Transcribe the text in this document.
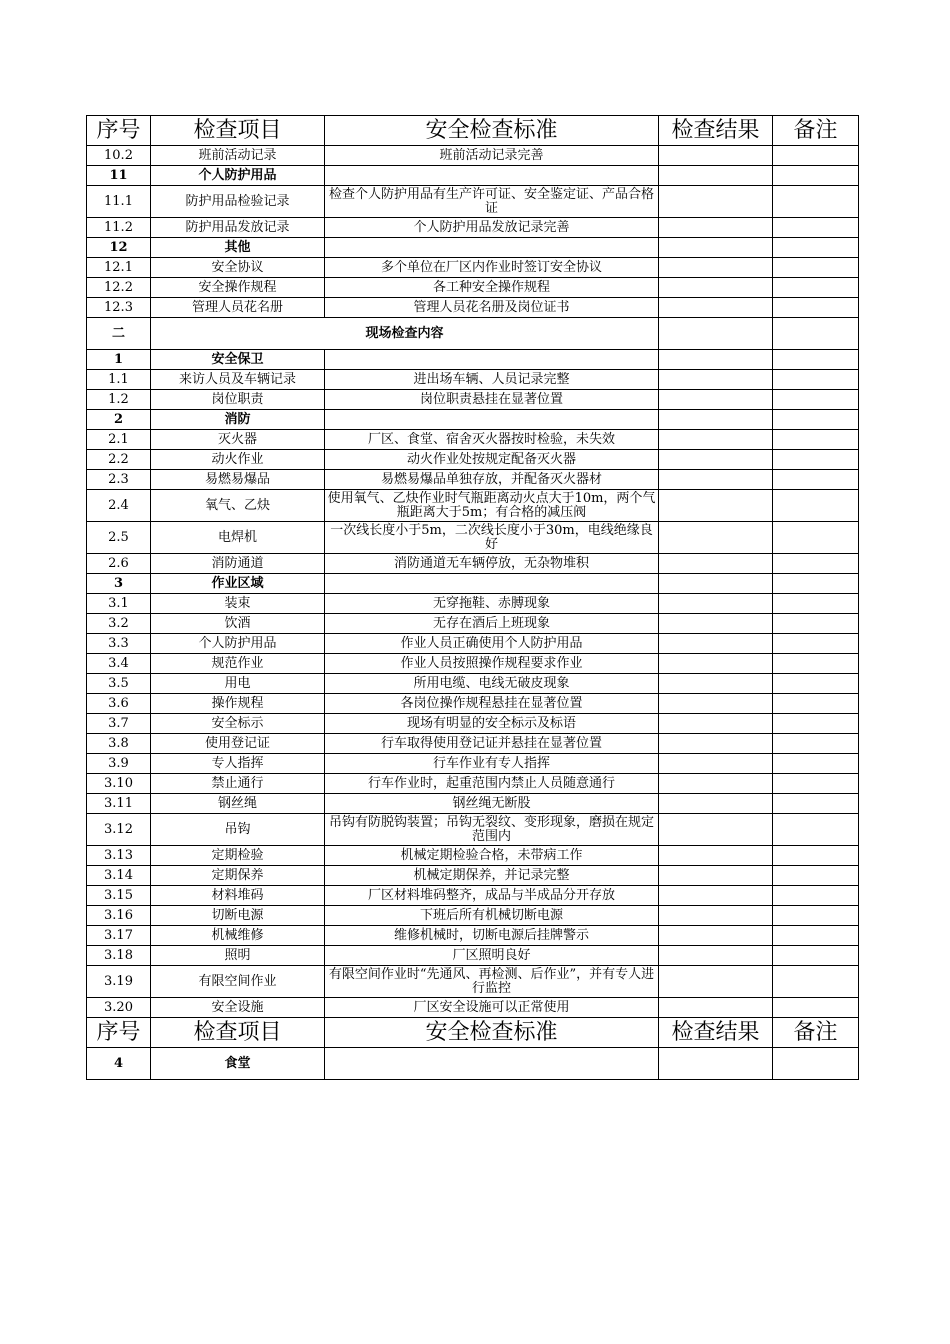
序号	检查项目	安全检查标准	检查结果	备注
10.2	班前活动记录	班前活动记录完善		
11	个人防护用品			
11.1	防护用品检验记录	检查个人防护用品有生产许可证、安全鉴定证、产品合格证		
11.2	防护用品发放记录	个人防护用品发放记录完善		
12	其他			
12.1	安全协议	多个单位在厂区内作业时签订安全协议		
12.2	安全操作规程	各工种安全操作规程		
12.3	管理人员花名册	管理人员花名册及岗位证书		
二	现场检查内容			
1	安全保卫			
1.1	来访人员及车辆记录	进出场车辆、人员记录完整		
1.2	岗位职责	岗位职责悬挂在显著位置		
2	消防			
2.1	灭火器	厂区、食堂、宿舍灭火器按时检验，未失效		
2.2	动火作业	动火作业处按规定配备灭火器		
2.3	易燃易爆品	易燃易爆品单独存放，并配备灭火器材		
2.4	氧气、乙炔	使用氧气、乙炔作业时气瓶距离动火点大于10m，两个气瓶距离大于5m；有合格的减压阀		
2.5	电焊机	一次线长度小于5m，二次线长度小于30m，电线绝缘良好		
2.6	消防通道	消防通道无车辆停放，无杂物堆积		
3	作业区域			
3.1	装束	无穿拖鞋、赤膊现象		
3.2	饮酒	无存在酒后上班现象		
3.3	个人防护用品	作业人员正确使用个人防护用品		
3.4	规范作业	作业人员按照操作规程要求作业		
3.5	用电	所用电缆、电线无破皮现象		
3.6	操作规程	各岗位操作规程悬挂在显著位置		
3.7	安全标示	现场有明显的安全标示及标语		
3.8	使用登记证	行车取得使用登记证并悬挂在显著位置		
3.9	专人指挥	行车作业有专人指挥		
3.10	禁止通行	行车作业时，起重范围内禁止人员随意通行		
3.11	钢丝绳	钢丝绳无断股		
3.12	吊钩	吊钩有防脱钩装置；吊钩无裂纹、变形现象，磨损在规定范围内		
3.13	定期检验	机械定期检验合格，未带病工作		
3.14	定期保养	机械定期保养，并记录完整		
3.15	材料堆码	厂区材料堆码整齐，成品与半成品分开存放		
3.16	切断电源	下班后所有机械切断电源		
3.17	机械维修	维修机械时，切断电源后挂牌警示		
3.18	照明	厂区照明良好		
3.19	有限空间作业	有限空间作业时“先通风、再检测、后作业”，并有专人进行监控		
3.20	安全设施	厂区安全设施可以正常使用		
序号	检查项目	安全检查标准	检查结果	备注
4	食堂			
